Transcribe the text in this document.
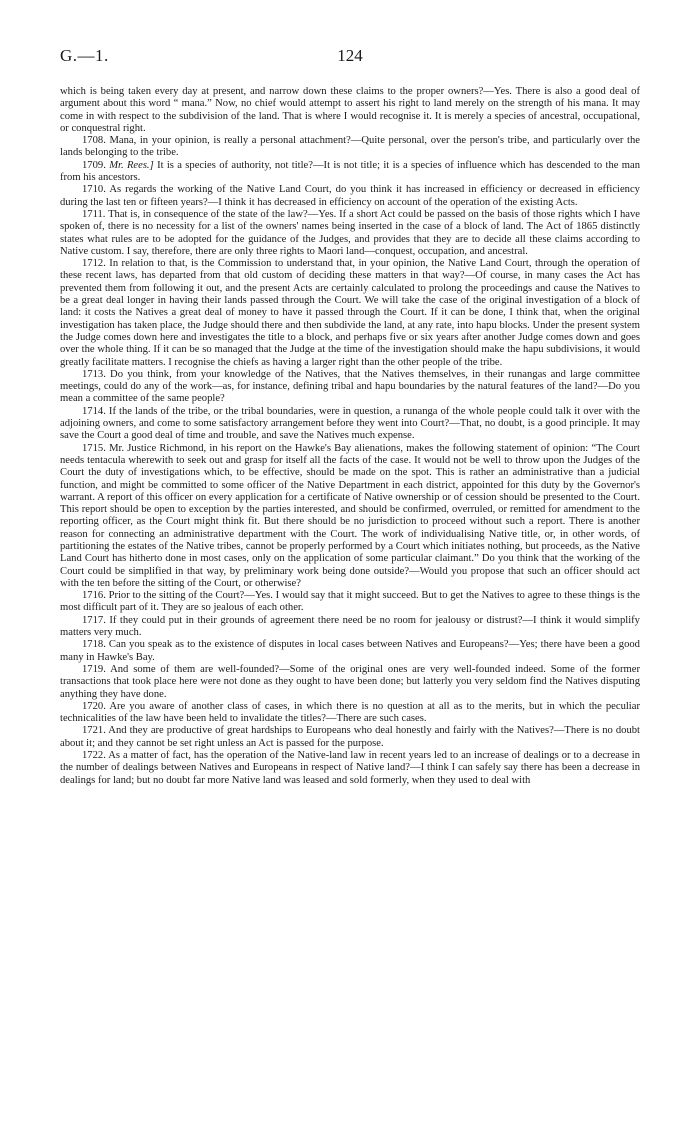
G.—1.	124

which is being taken every day at present, and narrow down these claims to the proper owners?—Yes. There is also a good deal of argument about this word “ mana.” Now, no chief would attempt to assert his right to land merely on the strength of his mana. It may come in with respect to the subdivision of the land. That is where I would recognise it. It is merely a species of ancestral, occupational, or conquestral right.

1708. Mana, in your opinion, is really a personal attachment?—Quite personal, over the person's tribe, and particularly over the lands belonging to the tribe.

1709. Mr. Rees.] It is a species of authority, not title?—It is not title; it is a species of influence which has descended to the man from his ancestors.

1710. As regards the working of the Native Land Court, do you think it has increased in efficiency or decreased in efficiency during the last ten or fifteen years?—I think it has decreased in efficiency on account of the operation of the existing Acts.

1711. That is, in consequence of the state of the law?—Yes. If a short Act could be passed on the basis of those rights which I have spoken of, there is no necessity for a list of the owners' names being inserted in the case of a block of land. The Act of 1865 distinctly states what rules are to be adopted for the guidance of the Judges, and provides that they are to decide all these claims according to Native custom. I say, therefore, there are only three rights to Maori land—conquest, occupation, and ancestral.

1712. In relation to that, is the Commission to understand that, in your opinion, the Native Land Court, through the operation of these recent laws, has departed from that old custom of deciding these matters in that way?—Of course, in many cases the Act has prevented them from following it out, and the present Acts are certainly calculated to prolong the proceedings and cause the Natives to be a great deal longer in having their lands passed through the Court. We will take the case of the original investigation of a block of land: it costs the Natives a great deal of money to have it passed through the Court. If it can be done, I think that, when the original investigation has taken place, the Judge should there and then subdivide the land, at any rate, into hapu blocks. Under the present system the Judge comes down here and investigates the title to a block, and perhaps five or six years after another Judge comes down and goes over the whole thing. If it can be so managed that the Judge at the time of the investigation should make the hapu subdivisions, it would greatly facilitate matters. I recognise the chiefs as having a larger right than the other people of the tribe.

1713. Do you think, from your knowledge of the Natives, that the Natives themselves, in their runangas and large committee meetings, could do any of the work—as, for instance, defining tribal and hapu boundaries by the natural features of the land?—Do you mean a committee of the same people?

1714. If the lands of the tribe, or the tribal boundaries, were in question, a runanga of the whole people could talk it over with the adjoining owners, and come to some satisfactory arrangement before they went into Court?—That, no doubt, is a good principle. It may save the Court a good deal of time and trouble, and save the Natives much expense.

1715. Mr. Justice Richmond, in his report on the Hawke's Bay alienations, makes the following statement of opinion: “The Court needs tentacula wherewith to seek out and grasp for itself all the facts of the case. It would not be well to throw upon the Judges of the Court the duty of investigations which, to be effective, should be made on the spot. This is rather an administrative than a judicial function, and might be committed to some officer of the Native Department in each district, appointed for this duty by the Governor's warrant. A report of this officer on every application for a certificate of Native ownership or of cession should be presented to the Court. This report should be open to exception by the parties interested, and should be confirmed, overruled, or remitted for amendment to the reporting officer, as the Court might think fit. But there should be no jurisdiction to proceed without such a report. There is another reason for connecting an administrative department with the Court. The work of individualising Native title, or, in other words, of partitioning the estates of the Native tribes, cannot be properly performed by a Court which initiates nothing, but proceeds, as the Native Land Court has hitherto done in most cases, only on the application of some particular claimant.” Do you think that the working of the Court could be simplified in that way, by preliminary work being done outside?—Would you propose that such an officer should act with the ten before the sitting of the Court, or otherwise?

1716. Prior to the sitting of the Court?—Yes. I would say that it might succeed. But to get the Natives to agree to these things is the most difficult part of it. They are so jealous of each other.

1717. If they could put in their grounds of agreement there need be no room for jealousy or distrust?—I think it would simplify matters very much.

1718. Can you speak as to the existence of disputes in local cases between Natives and Europeans?—Yes; there have been a good many in Hawke's Bay.

1719. And some of them are well-founded?—Some of the original ones are very well-founded indeed. Some of the former transactions that took place here were not done as they ought to have been done; but latterly you very seldom find the Natives disputing anything they have done.

1720. Are you aware of another class of cases, in which there is no question at all as to the merits, but in which the peculiar technicalities of the law have been held to invalidate the titles?—There are such cases.

1721. And they are productive of great hardships to Europeans who deal honestly and fairly with the Natives?—There is no doubt about it; and they cannot be set right unless an Act is passed for the purpose.

1722. As a matter of fact, has the operation of the Native-land law in recent years led to an increase of dealings or to a decrease in the number of dealings between Natives and Europeans in respect of Native land?—I think I can safely say there has been a decrease in dealings for land; but no doubt far more Native land was leased and sold formerly, when they used to deal with
